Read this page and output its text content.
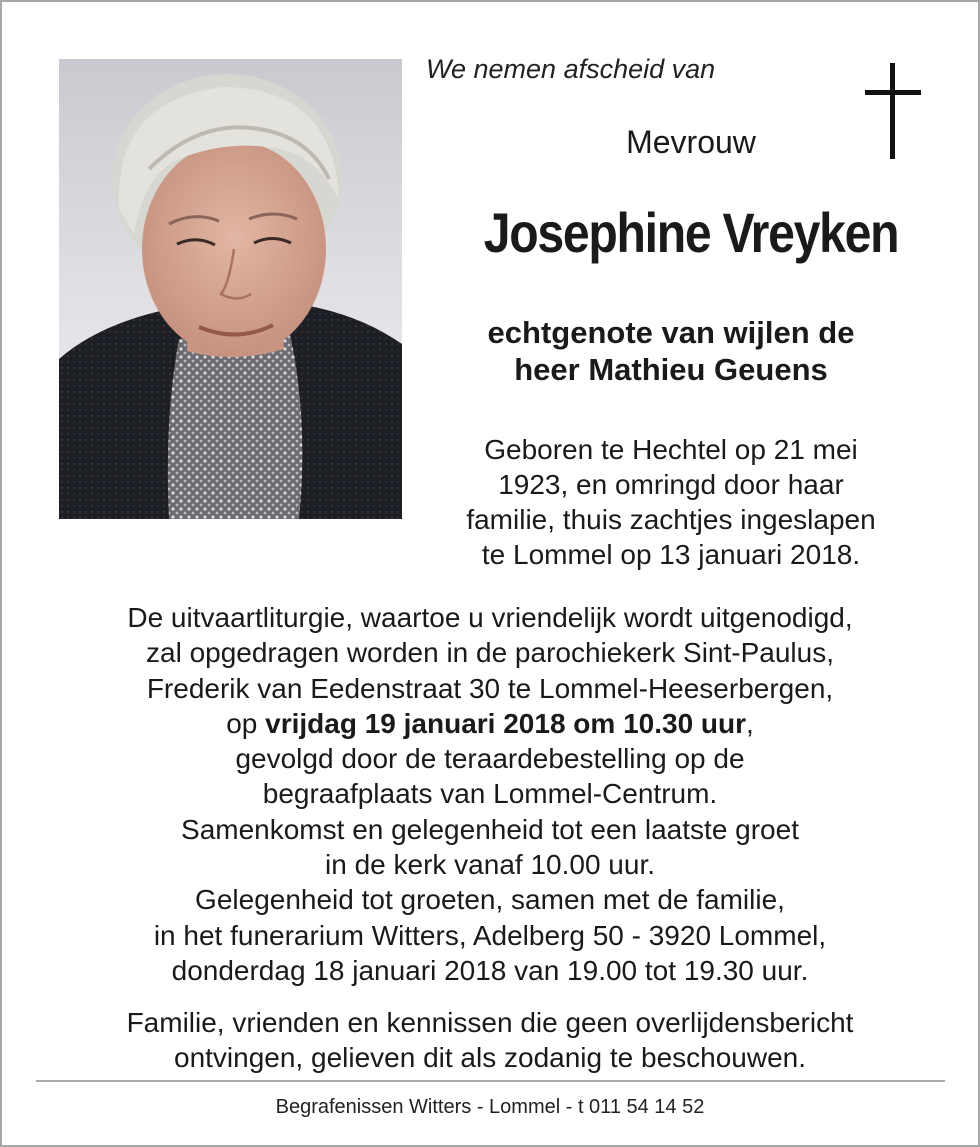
We nemen afscheid van
Mevrouw
Josephine Vreyken
echtgenote van wijlen de
heer Mathieu Geuens
Geboren te Hechtel op 21 mei
1923, en omringd door haar
familie, thuis zachtjes ingeslapen
te Lommel op 13 januari 2018.
De uitvaartliturgie, waartoe u vriendelijk wordt uitgenodigd,
zal opgedragen worden in de parochiekerk Sint-Paulus,
Frederik van Eedenstraat 30 te Lommel-Heeserbergen,
op vrijdag 19 januari 2018 om 10.30 uur,
gevolgd door de teraardebestelling op de
begraafplaats van Lommel-Centrum.
Samenkomst en gelegenheid tot een laatste groet
in de kerk vanaf 10.00 uur.
Gelegenheid tot groeten, samen met de familie,
in het funerarium Witters, Adelberg 50 - 3920 Lommel,
donderdag 18 januari 2018 van 19.00 tot 19.30 uur.
Familie, vrienden en kennissen die geen overlijdensbericht
ontvingen, gelieven dit als zodanig te beschouwen.
Begrafenissen Witters - Lommel - t 011 54 14 52
